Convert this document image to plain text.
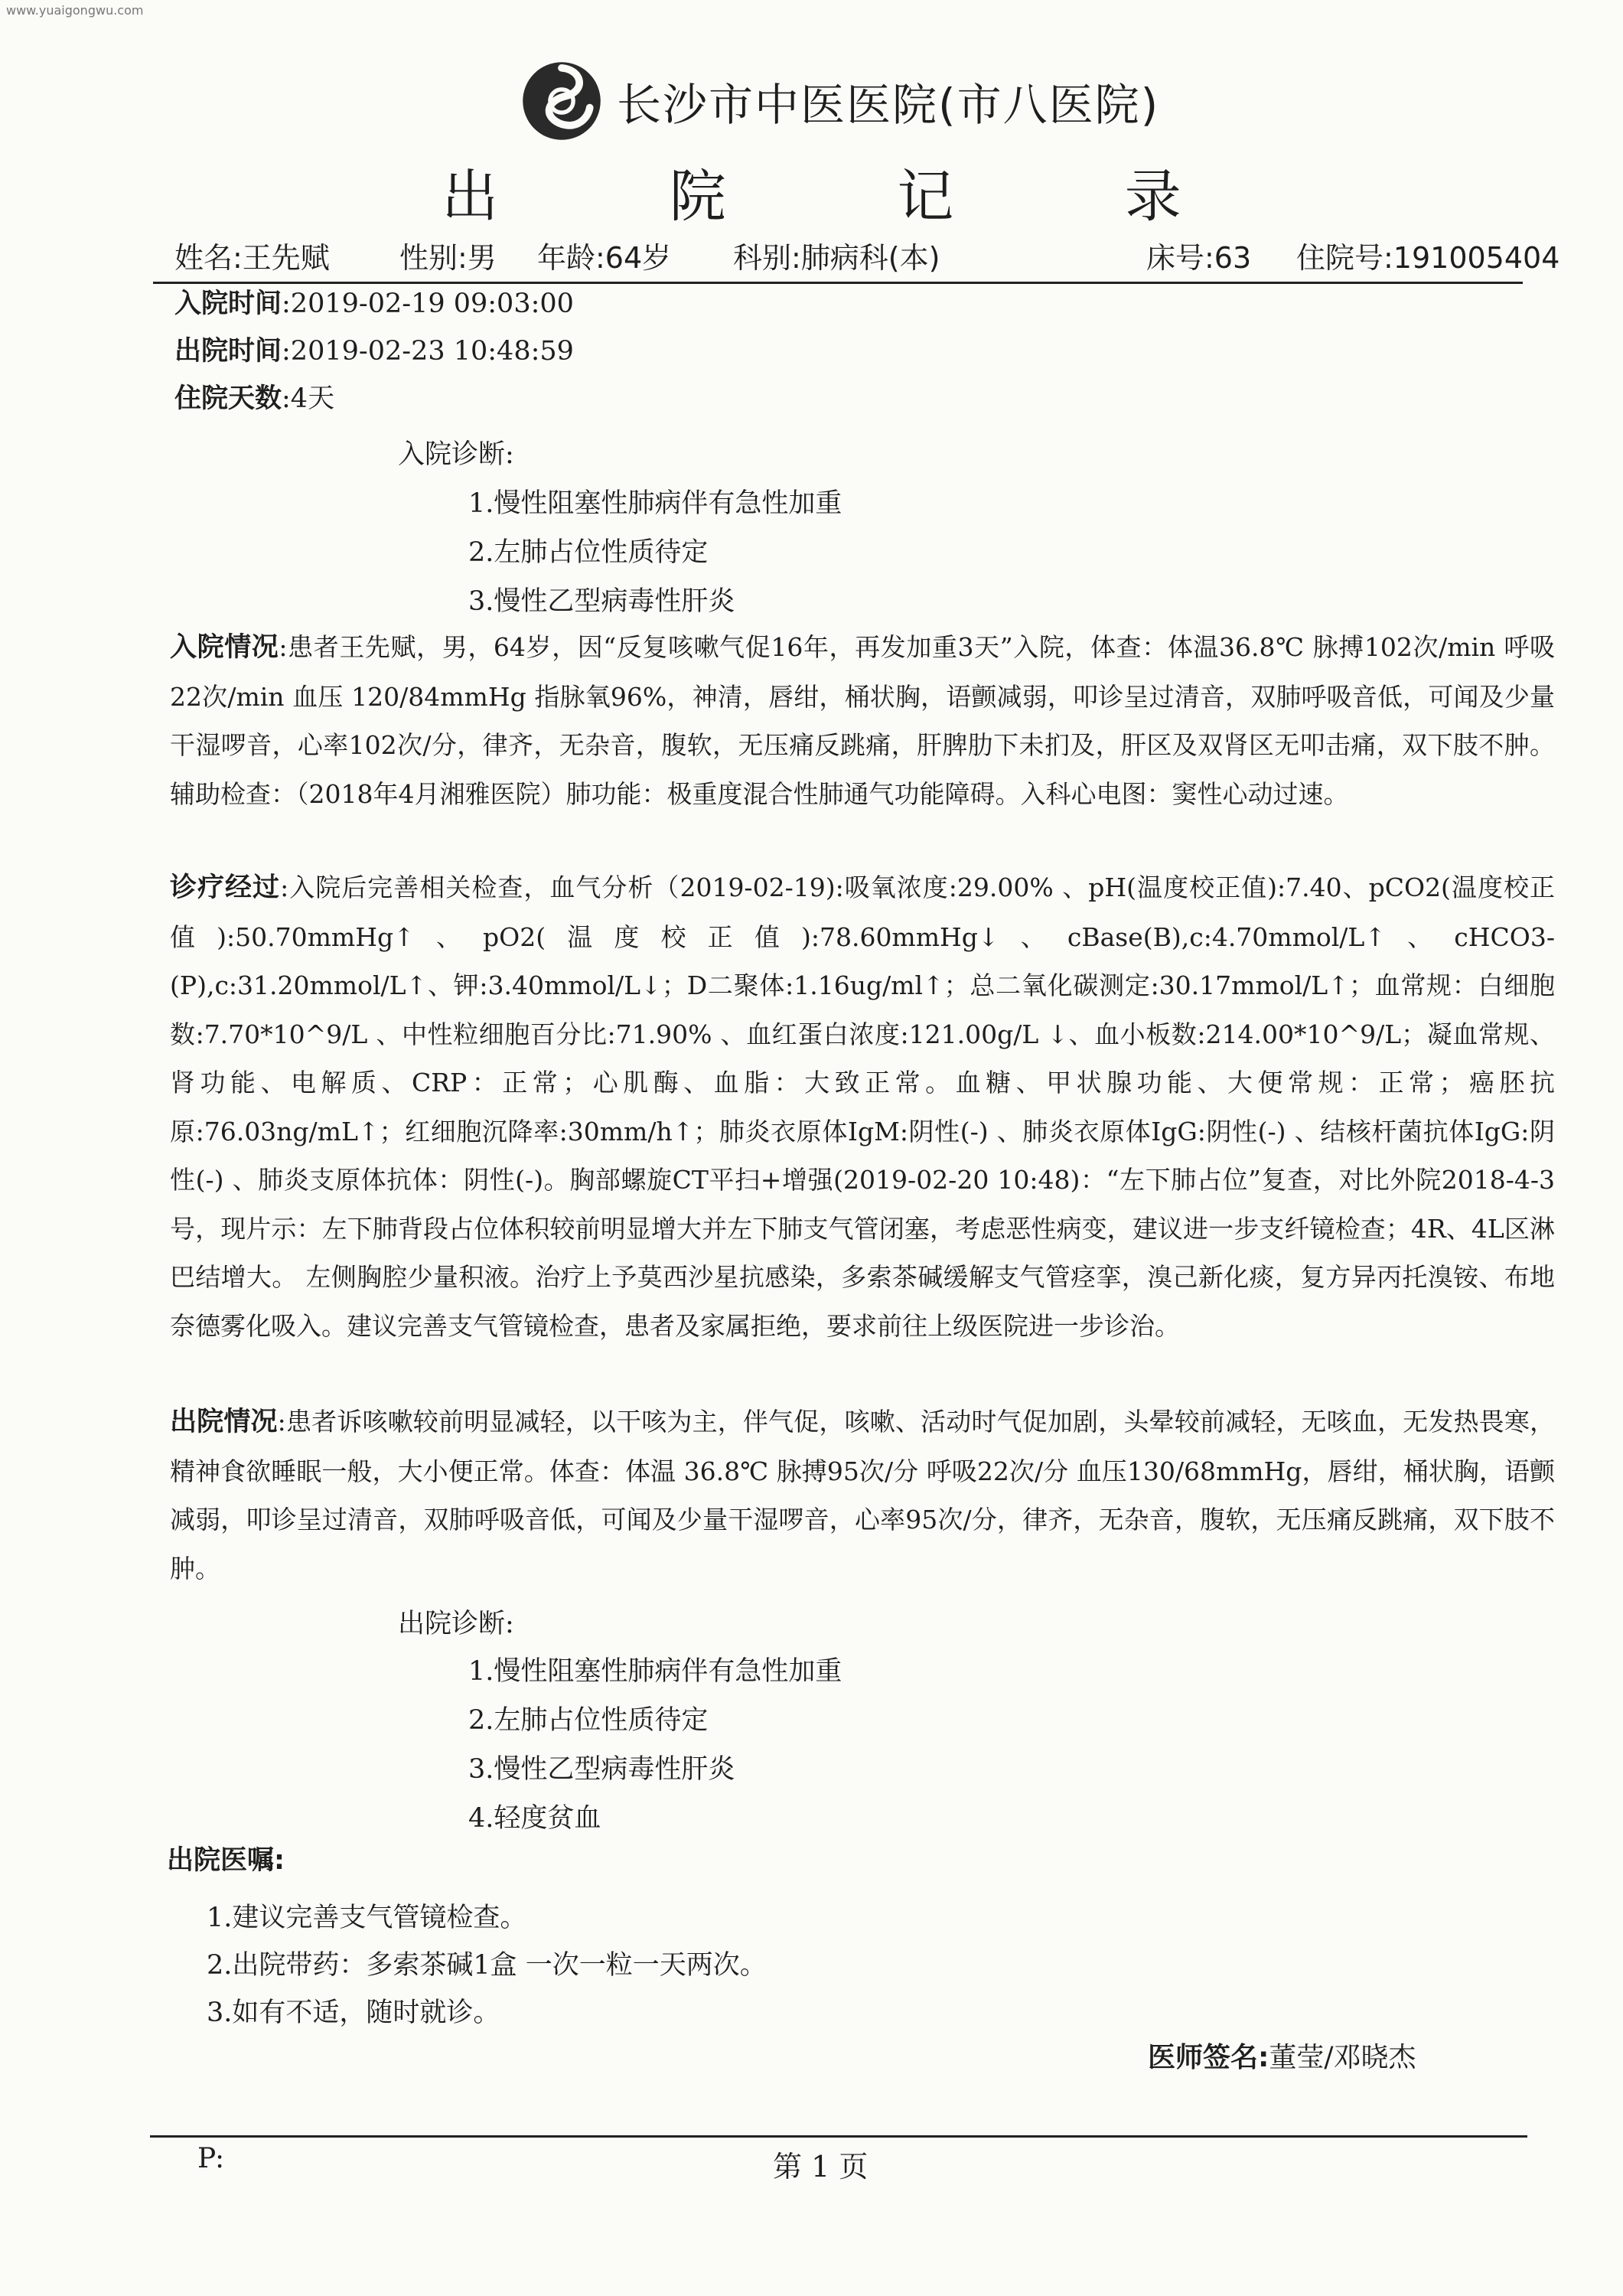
www.yuaigongwu.com
长沙市中医医院(市八医院)
出 院 记 录
姓名:王先赋 性别:男 年龄:64岁 科别:肺病科(本)	床号:63 住院号:191005404
入院时间:2019-02-19 09:03:00
出院时间:2019-02-23 10:48:59
住院天数:4天
入院诊断:
1.慢性阻塞性肺病伴有急性加重
2.左肺占位性质待定
3.慢性乙型病毒性肝炎
入院情况:患者王先赋，男，64岁，因“反复咳嗽气促16年，再发加重3天”入院，体查：体温36.8℃ 脉搏102次/min 呼吸22次/min 血压 120/84mmHg 指脉氧96%，神清，唇绀，桶状胸，语颤减弱，叩诊呈过清音，双肺呼吸音低，可闻及少量干湿啰音，心率102次/分，律齐，无杂音，腹软，无压痛反跳痛，肝脾肋下未扪及，肝区及双肾区无叩击痛，双下肢不肿。 辅助检查：（2018年4月湘雅医院）肺功能：极重度混合性肺通气功能障碍。入科心电图：窦性心动过速。
诊疗经过:入院后完善相关检查，血气分析（2019-02-19):吸氧浓度:29.00% 、pH(温度校正值):7.40、pCO2(温度校正值):50.70mmHg↑、pO2(温度校正值):78.60mmHg↓、cBase(B),c:4.70mmol/L↑、cHCO3-(P),c:31.20mmol/L↑、钾:3.40mmol/L↓；D二聚体:1.16ug/ml↑；总二氧化碳测定:30.17mmol/L↑；血常规：白细胞数:7.70*10^9/L 、中性粒细胞百分比:71.90% 、血红蛋白浓度:121.00g/L ↓、血小板数:214.00*10^9/L；凝血常规、肾功能、电解质、CRP：正常；心肌酶、血脂：大致正常。血糖、甲状腺功能、大便常规：正常；癌胚抗原:76.03ng/mL↑；红细胞沉降率:30mm/h↑；肺炎衣原体IgM:阴性(-) 、肺炎衣原体IgG:阴性(-) 、结核杆菌抗体IgG:阴性(-) 、肺炎支原体抗体：阴性(-)。胸部螺旋CT平扫+增强(2019-02-20 10:48)：“左下肺占位”复查，对比外院2018-4-3号，现片示：左下肺背段占位体积较前明显增大并左下肺支气管闭塞，考虑恶性病变，建议进一步支纤镜检查；4R、4L区淋巴结增大。 左侧胸腔少量积液。治疗上予莫西沙星抗感染，多索茶碱缓解支气管痉挛，溴己新化痰，复方异丙托溴铵、布地奈德雾化吸入。建议完善支气管镜检查，患者及家属拒绝，要求前往上级医院进一步诊治。
出院情况:患者诉咳嗽较前明显减轻，以干咳为主，伴气促，咳嗽、活动时气促加剧，头晕较前减轻，无咳血，无发热畏寒，精神食欲睡眠一般，大小便正常。体查：体温 36.8℃ 脉搏95次/分 呼吸22次/分 血压130/68mmHg，唇绀，桶状胸，语颤减弱，叩诊呈过清音，双肺呼吸音低，可闻及少量干湿啰音，心率95次/分，律齐，无杂音，腹软，无压痛反跳痛，双下肢不肿。
出院诊断:
1.慢性阻塞性肺病伴有急性加重
2.左肺占位性质待定
3.慢性乙型病毒性肝炎
4.轻度贫血
出院医嘱:
1.建议完善支气管镜检查。
2.出院带药：多索茶碱1盒 一次一粒一天两次。
3.如有不适，随时就诊。
医师签名:董莹/邓晓杰
P:	第 1 页
